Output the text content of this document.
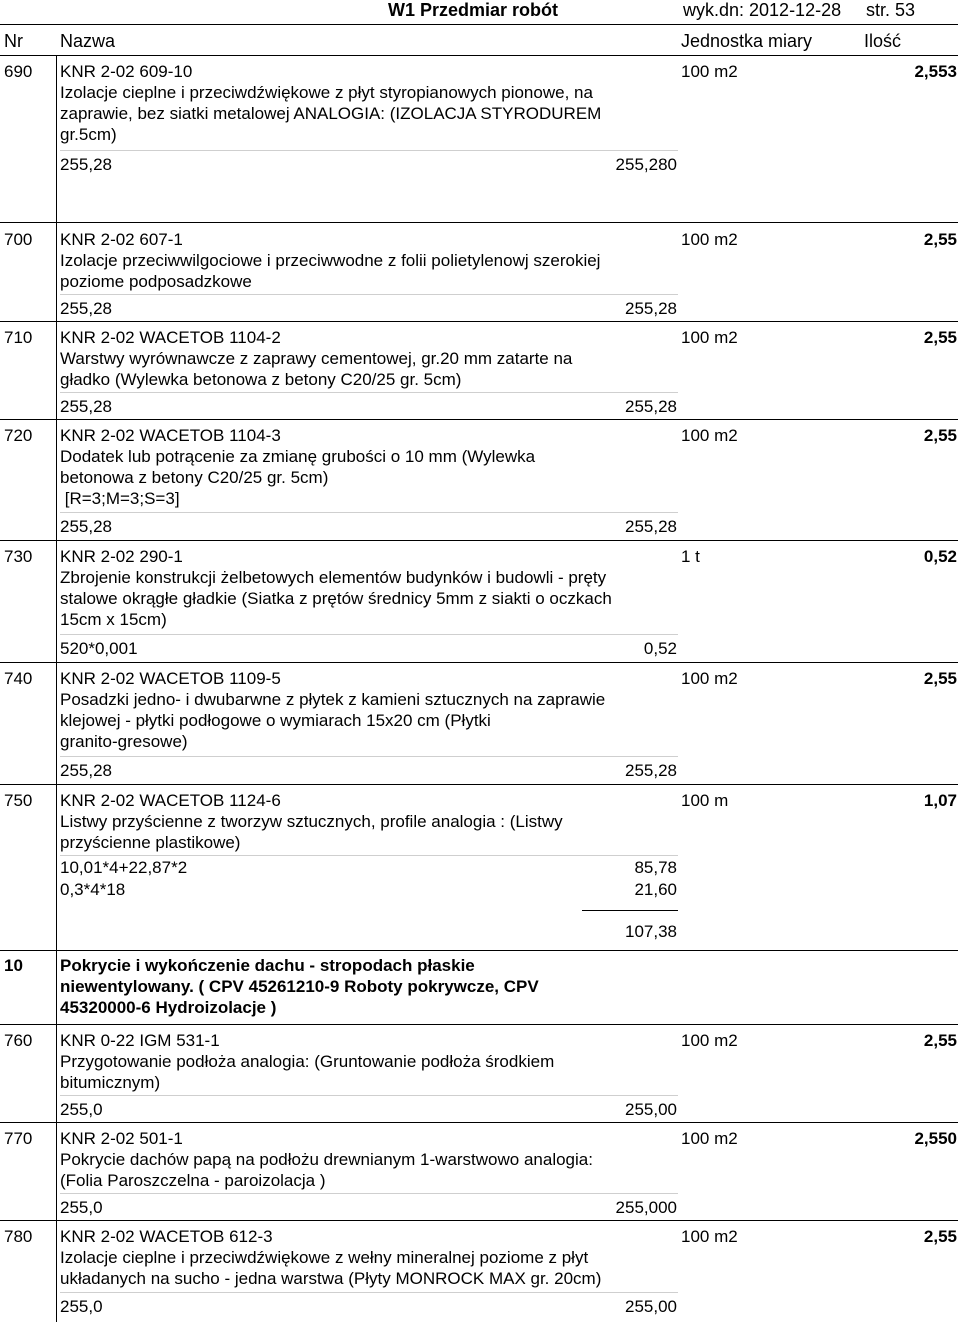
W1 Przedmiar robót	wyk.dn: 2012-12-28 str. 53
Nr Nazwa	Jednostka miary	Ilość
690 KNR 2-02 609-10
Izolacje cieplne i przeciwdźwiękowe z płyt styropianowych pionowe, na
zaprawie, bez siatki metalowej ANALOGIA: (IZOLACJA STYRODUREM
gr.5cm)
100 m2	2,553
255,28	255,280
700 KNR 2-02 607-1
Izolacje przeciwwilgociowe i przeciwwodne z folii polietylenowj szerokiej
poziome podposadzkowe
100 m2	2,55
255,28	255,28
710 KNR 2-02 WACETOB 1104-2
Warstwy wyrównawcze z zaprawy cementowej, gr.20 mm zatarte na
gładko (Wylewka betonowa z betony C20/25 gr. 5cm)
100 m2	2,55
255,28	255,28
720 KNR 2-02 WACETOB 1104-3
Dodatek lub potrącenie za zmianę grubości o 10 mm (Wylewka
betonowa z betony C20/25 gr. 5cm)
[R=3;M=3;S=3]
100 m2	2,55
255,28	255,28
730 KNR 2-02 290-1
Zbrojenie konstrukcji żelbetowych elementów budynków i budowli - pręty
stalowe okrągłe gładkie (Siatka z prętów średnicy 5mm z siakti o oczkach
15cm x 15cm)
1 t	0,52
520*0,001	0,52
740 KNR 2-02 WACETOB 1109-5
Posadzki jedno- i dwubarwne z płytek z kamieni sztucznych na zaprawie
klejowej - płytki podłogowe o wymiarach 15x20 cm (Płytki
granito-gresowe)
100 m2	2,55
255,28	255,28
750 KNR 2-02 WACETOB 1124-6
Listwy przyścienne z tworzyw sztucznych, profile analogia : (Listwy
przyścienne plastikowe)
100 m	1,07
10,01*4+22,87*2	85,78
0,3*4*18	21,60
107,38
10 Pokrycie i wykończenie dachu - stropodach płaskie
niewentylowany. ( CPV 45261210-9 Roboty pokrywcze, CPV
45320000-6 Hydroizolacje )
760 KNR 0-22 IGM 531-1
Przygotowanie podłoża analogia: (Gruntowanie podłoża środkiem
bitumicznym)
100 m2	2,55
255,0	255,00
770 KNR 2-02 501-1
Pokrycie dachów papą na podłożu drewnianym 1-warstwowo analogia:
(Folia Paroszczelna - paroizolacja )
100 m2	2,550
255,0	255,000
780 KNR 2-02 WACETOB 612-3
Izolacje cieplne i przeciwdźwiękowe z wełny mineralnej poziome z płyt
układanych na sucho - jedna warstwa (Płyty MONROCK MAX gr. 20cm)
100 m2	2,55
255,0	255,00
